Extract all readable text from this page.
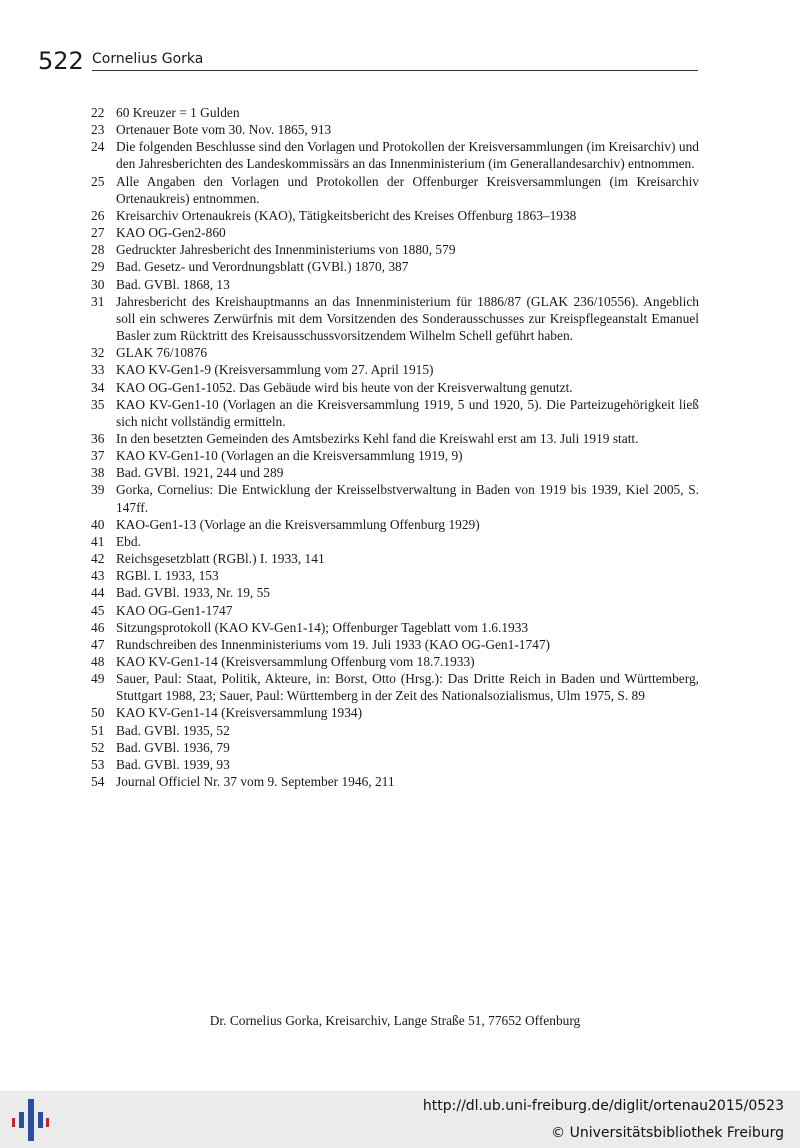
522 Cornelius Gorka
22 60 Kreuzer = 1 Gulden
23 Ortenauer Bote vom 30. Nov. 1865, 913
24 Die folgenden Beschlusse sind den Vorlagen und Protokollen der Kreisversammlungen (im Kreisarchiv) und den Jahresberichten des Landeskommissärs an das Innenministerium (im Generallandesarchiv) entnommen.
25 Alle Angaben den Vorlagen und Protokollen der Offenburger Kreisversammlungen (im Kreisarchiv Ortenaukreis) entnommen.
26 Kreisarchiv Ortenaukreis (KAO), Tätigkeitsbericht des Kreises Offenburg 1863–1938
27 KAO OG-Gen2-860
28 Gedruckter Jahresbericht des Innenministeriums von 1880, 579
29 Bad. Gesetz- und Verordnungsblatt (GVBl.) 1870, 387
30 Bad. GVBl. 1868, 13
31 Jahresbericht des Kreishauptmanns an das Innenministerium für 1886/87 (GLAK 236/10556). Angeblich soll ein schweres Zerwürfnis mit dem Vorsitzenden des Sonderausschusses zur Kreispflegeanstalt Emanuel Basler zum Rücktritt des Kreisausschussvorsitzendem Wilhelm Schell geführt haben.
32 GLAK 76/10876
33 KAO KV-Gen1-9 (Kreisversammlung vom 27. April 1915)
34 KAO OG-Gen1-1052. Das Gebäude wird bis heute von der Kreisverwaltung genutzt.
35 KAO KV-Gen1-10 (Vorlagen an die Kreisversammlung 1919, 5 und 1920, 5). Die Parteizugehörigkeit ließ sich nicht vollständig ermitteln.
36 In den besetzten Gemeinden des Amtsbezirks Kehl fand die Kreiswahl erst am 13. Juli 1919 statt.
37 KAO KV-Gen1-10 (Vorlagen an die Kreisversammlung 1919, 9)
38 Bad. GVBl. 1921, 244 und 289
39 Gorka, Cornelius: Die Entwicklung der Kreisselbstverwaltung in Baden von 1919 bis 1939, Kiel 2005, S. 147ff.
40 KAO-Gen1-13 (Vorlage an die Kreisversammlung Offenburg 1929)
41 Ebd.
42 Reichsgesetzblatt (RGBl.) I. 1933, 141
43 RGBl. I. 1933, 153
44 Bad. GVBl. 1933, Nr. 19, 55
45 KAO OG-Gen1-1747
46 Sitzungsprotokoll (KAO KV-Gen1-14); Offenburger Tageblatt vom 1.6.1933
47 Rundschreiben des Innenministeriums vom 19. Juli 1933 (KAO OG-Gen1-1747)
48 KAO KV-Gen1-14 (Kreisversammlung Offenburg vom 18.7.1933)
49 Sauer, Paul: Staat, Politik, Akteure, in: Borst, Otto (Hrsg.): Das Dritte Reich in Baden und Württemberg, Stuttgart 1988, 23; Sauer, Paul: Württemberg in der Zeit des Nationalsozialismus, Ulm 1975, S. 89
50 KAO KV-Gen1-14 (Kreisversammlung 1934)
51 Bad. GVBl. 1935, 52
52 Bad. GVBl. 1936, 79
53 Bad. GVBl. 1939, 93
54 Journal Officiel Nr. 37 vom 9. September 1946, 211
Dr. Cornelius Gorka, Kreisarchiv, Lange Straße 51, 77652 Offenburg
http://dl.ub.uni-freiburg.de/diglit/ortenau2015/0523
© Universitätsbibliothek Freiburg
